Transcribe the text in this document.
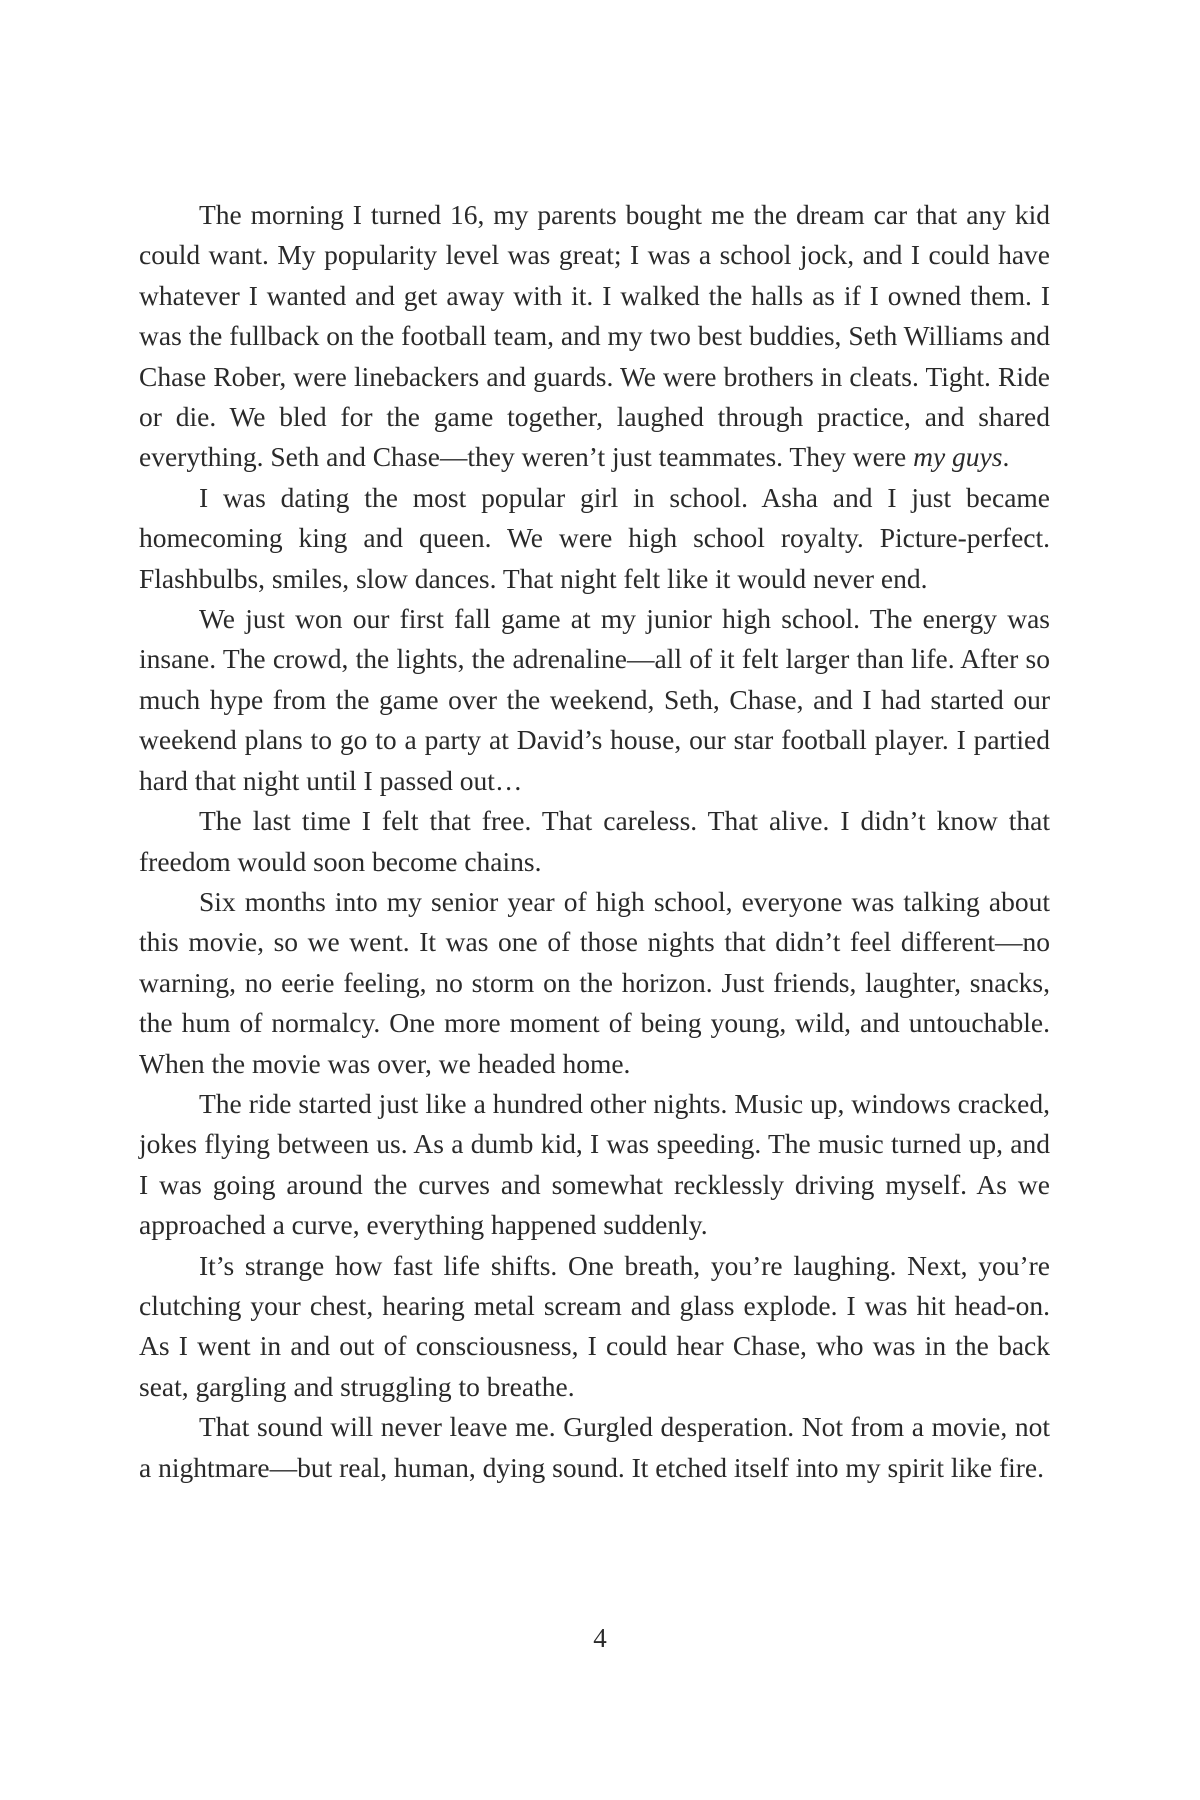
The morning I turned 16, my parents bought me the dream car that any kid could want. My popularity level was great; I was a school jock, and I could have whatever I wanted and get away with it. I walked the halls as if I owned them. I was the fullback on the football team, and my two best buddies, Seth Williams and Chase Rober, were linebackers and guards. We were brothers in cleats. Tight. Ride or die. We bled for the game together, laughed through practice, and shared everything. Seth and Chase—they weren’t just teammates. They were my guys.

I was dating the most popular girl in school. Asha and I just became homecoming king and queen. We were high school royalty. Picture-perfect. Flashbulbs, smiles, slow dances. That night felt like it would never end.

We just won our first fall game at my junior high school. The energy was insane. The crowd, the lights, the adrenaline—all of it felt larger than life. After so much hype from the game over the weekend, Seth, Chase, and I had started our weekend plans to go to a party at David’s house, our star football player. I partied hard that night until I passed out…

The last time I felt that free. That careless. That alive. I didn’t know that freedom would soon become chains.

Six months into my senior year of high school, everyone was talking about this movie, so we went. It was one of those nights that didn’t feel different—no warning, no eerie feeling, no storm on the horizon. Just friends, laughter, snacks, the hum of normalcy. One more moment of being young, wild, and untouchable. When the movie was over, we headed home.

The ride started just like a hundred other nights. Music up, windows cracked, jokes flying between us. As a dumb kid, I was speeding. The music turned up, and I was going around the curves and somewhat recklessly driving myself. As we approached a curve, everything happened suddenly.

It’s strange how fast life shifts. One breath, you’re laughing. Next, you’re clutching your chest, hearing metal scream and glass explode. I was hit head-on. As I went in and out of consciousness, I could hear Chase, who was in the back seat, gargling and struggling to breathe.

That sound will never leave me. Gurgled desperation. Not from a movie, not a nightmare—but real, human, dying sound. It etched itself into my spirit like fire.

4
